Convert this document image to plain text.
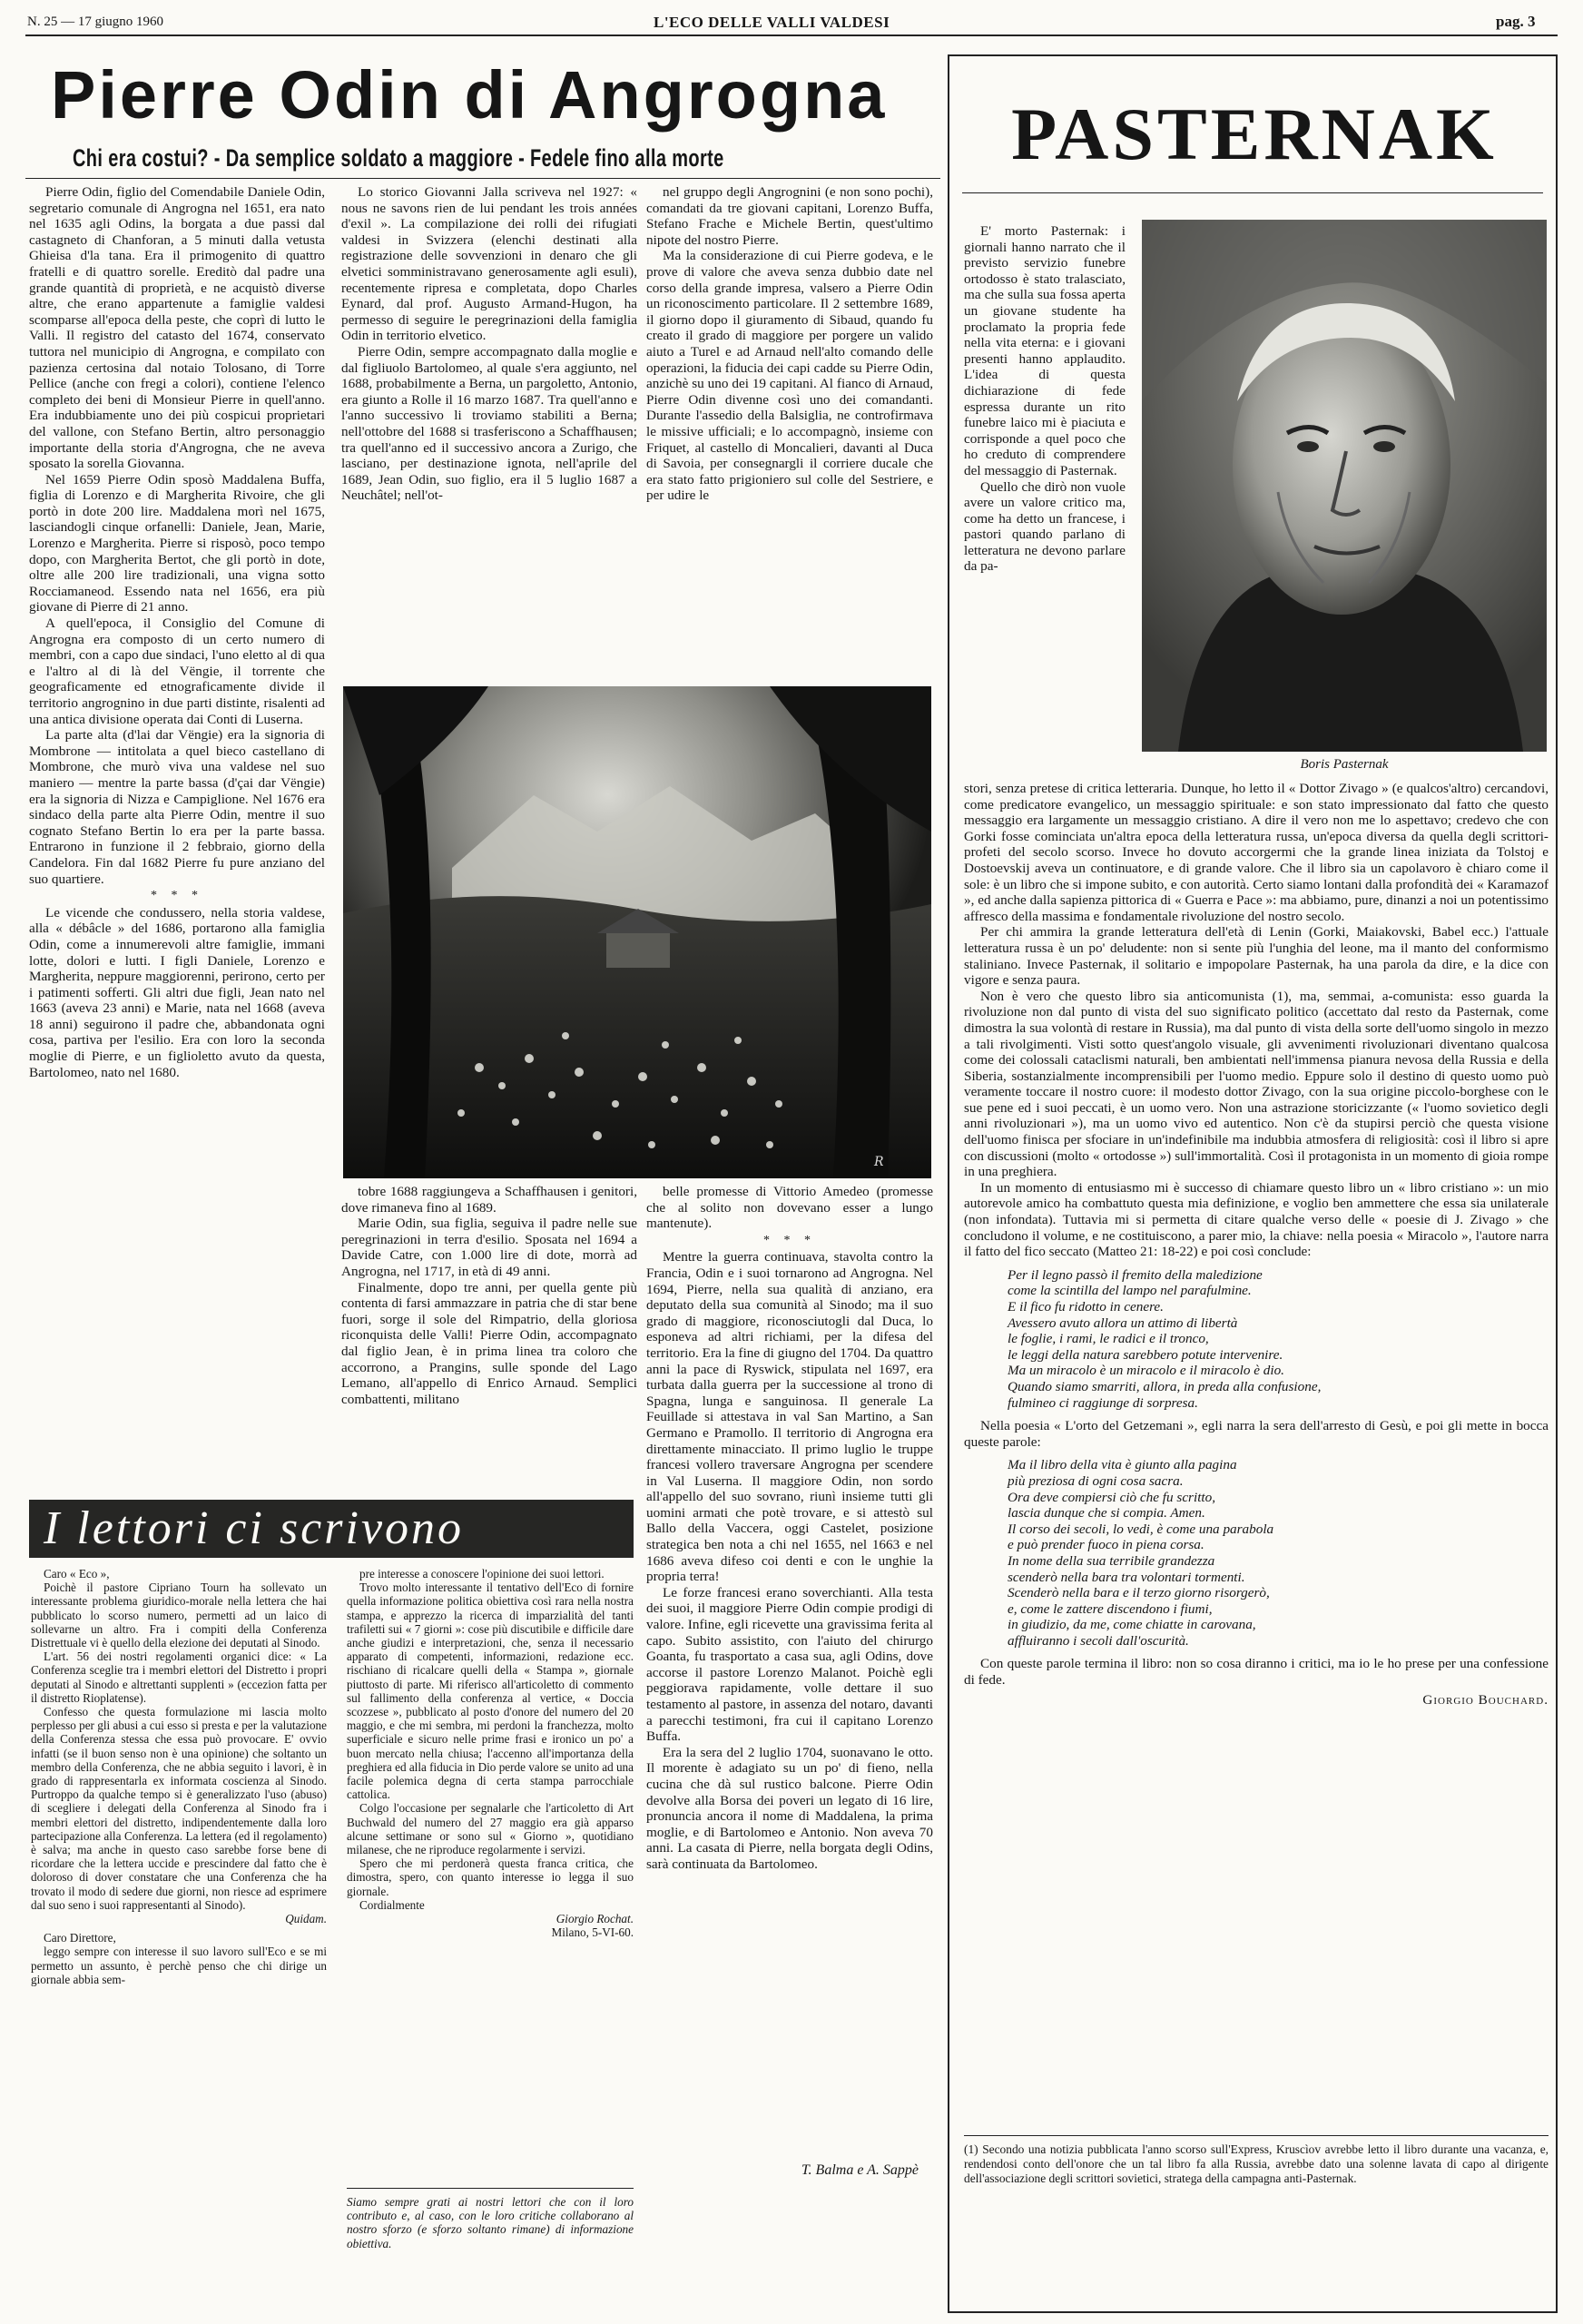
N. 25 — 17 giugno 1960	L'ECO DELLE VALLI VALDESI	pag. 3
Pierre Odin di Angrogna
Chi era costui? - Da semplice soldato a maggiore - Fedele fino alla morte

Pierre Odin, figlio del Comendabile Daniele Odin, segretario comunale di Angrogna nel 1651, era nato nel 1635 agli Odins, la borgata a due passi dal castagneto di Chanforan, a 5 minuti dalla vetusta Ghieisa d'la tana. Era il primogenito di quattro fratelli e di quattro sorelle. Ereditò dal padre una grande quantità di proprietà, e ne acquistò diverse altre, che erano appartenute a famiglie valdesi scomparse all'epoca della peste, che coprì di lutto le Valli. Il registro del catasto del 1674, conservato tuttora nel municipio di Angrogna, e compilato con pazienza certosina dal notaio Tolosano, di Torre Pellice (anche con fregi a colori), contiene l'elenco completo dei beni di Monsieur Pierre in quell'anno. Era indubbiamente uno dei più cospicui proprietari del vallone, con Stefano Bertin, altro personaggio importante della storia d'Angrogna, che ne aveva sposato la sorella Giovanna.

Nel 1659 Pierre Odin sposò Maddalena Buffa, figlia di Lorenzo e di Margherita Rivoire, che gli portò in dote 200 lire. Maddalena morì nel 1675, lasciandogli cinque orfanelli: Daniele, Jean, Marie, Lorenzo e Margherita. Pierre si risposò, poco tempo dopo, con Margherita Bertot, che gli portò in dote, oltre alle 200 lire tradizionali, una vigna sotto Rocciamaneod. Essendo nata nel 1656, era più giovane di Pierre di 21 anno.

A quell'epoca, il Consiglio del Comune di Angrogna era composto di un certo numero di membri, con a capo due sindaci, l'uno eletto al di qua e l'altro al di là del Vëngie, il torrente che geograficamente ed etnograficamente divide il territorio angrognino in due parti distinte, risalenti ad una antica divisione operata dai Conti di Luserna.

La parte alta (d'lai dar Vëngie) era la signoria di Mombrone — intitolata a quel bieco castellano di Mombrone, che murò viva una valdese nel suo maniero — mentre la parte bassa (d'çai dar Vëngie) era la signoria di Nizza e Campiglione. Nel 1676 era sindaco della parte alta Pierre Odin, mentre il suo cognato Stefano Bertin lo era per la parte bassa. Entrarono in funzione il 2 febbraio, giorno della Candelora. Fin dal 1682 Pierre fu pure anziano del suo quartiere.

* * *

Le vicende che condussero, nella storia valdese, alla « débâcle » del 1686, portarono alla famiglia Odin, come a innumerevoli altre famiglie, immani lotte, dolori e lutti. I figli Daniele, Lorenzo e Margherita, neppure maggiorenni, perirono, certo per i patimenti sofferti. Gli altri due figli, Jean nato nel 1663 (aveva 23 anni) e Marie, nata nel 1668 (aveva 18 anni) seguirono il padre che, abbandonata ogni cosa, partiva per l'esilio. Era con loro la seconda moglie di Pierre, e un figlioletto avuto da questa, Bartolomeo, nato nel 1680.

Lo storico Giovanni Jalla scriveva nel 1927: « nous ne savons rien de lui pendant les trois années d'exil ». La compilazione dei rolli dei rifugiati valdesi in Svizzera (elenchi destinati alla registrazione delle sovvenzioni in denaro che gli elvetici somministravano generosamente agli esuli), recentemente ripresa e completata, dopo Charles Eynard, dal prof. Augusto Armand-Hugon, ha permesso di seguire le peregrinazioni della famiglia Odin in territorio elvetico.

Pierre Odin, sempre accompagnato dalla moglie e dal figliuolo Bartolomeo, al quale s'era aggiunto, nel 1688, probabilmente a Berna, un pargoletto, Antonio, era giunto a Rolle il 16 marzo 1687. Tra quell'anno e l'anno successivo li troviamo stabiliti a Berna; nell'ottobre del 1688 si trasferiscono a Schaffhausen; tra quell'anno ed il successivo ancora a Zurigo, che lasciano, per destinazione ignota, nell'aprile del 1689, Jean Odin, suo figlio, era il 5 luglio 1687 a Neuchâtel; nell'ot-

nel gruppo degli Angrognini (e non sono pochi), comandati da tre giovani capitani, Lorenzo Buffa, Stefano Frache e Michele Bertin, quest'ultimo nipote del nostro Pierre.

Ma la considerazione di cui Pierre godeva, e le prove di valore che aveva senza dubbio date nel corso della grande impresa, valsero a Pierre Odin un riconoscimento particolare. Il 2 settembre 1689, il giorno dopo il giuramento di Sibaud, quando fu creato il grado di maggiore per porgere un valido aiuto a Turel e ad Arnaud nell'alto comando delle operazioni, la fiducia dei capi cadde su Pierre Odin, anzichè su uno dei 19 capitani. Al fianco di Arnaud, Pierre Odin divenne così uno dei comandanti. Durante l'assedio della Balsiglia, ne controfirmava le missive ufficiali; e lo accompagnò, insieme con Friquet, al castello di Moncalieri, davanti al Duca di Savoia, per consegnargli il corriere ducale che era stato fatto prigioniero sul colle del Sestriere, e per udire le

R

tobre 1688 raggiungeva a Schaffhausen i genitori, dove rimaneva fino al 1689.

Marie Odin, sua figlia, seguiva il padre nelle sue peregrinazioni in terra d'esilio. Sposata nel 1694 a Davide Catre, con 1.000 lire di dote, morrà ad Angrogna, nel 1717, in età di 49 anni.

Finalmente, dopo tre anni, per quella gente più contenta di farsi ammazzare in patria che di star bene fuori, sorge il sole del Rimpatrio, della gloriosa riconquista delle Valli! Pierre Odin, accompagnato dal figlio Jean, è in prima linea tra coloro che accorrono, a Prangins, sulle sponde del Lago Lemano, all'appello di Enrico Arnaud. Semplici combattenti, militano

belle promesse di Vittorio Amedeo (promesse che al solito non dovevano esser a lungo mantenute).

* * *

Mentre la guerra continuava, stavolta contro la Francia, Odin e i suoi tornarono ad Angrogna. Nel 1694, Pierre, nella sua qualità di anziano, era deputato della sua comunità al Sinodo; ma il suo grado di maggiore, riconosciutogli dal Duca, lo esponeva ad altri richiami, per la difesa del territorio. Era la fine di giugno del 1704. Da quattro anni la pace di Ryswick, stipulata nel 1697, era turbata dalla guerra per la successione al trono di Spagna, lunga e sanguinosa. Il generale La Feuillade si attestava in val San Martino, a San Germano e Pramollo. Il territorio di Angrogna era direttamente minacciato. Il primo luglio le truppe francesi vollero traversare Angrogna per scendere in Val Luserna. Il maggiore Odin, non sordo all'appello del suo sovrano, riunì insieme tutti gli uomini armati che potè trovare, e si attestò sul Ballo della Vaccera, oggi Castelet, posizione strategica ben nota a chi nel 1655, nel 1663 e nel 1686 aveva difeso coi denti e con le unghie la propria terra!

Le forze francesi erano soverchianti. Alla testa dei suoi, il maggiore Pierre Odin compie prodigi di valore. Infine, egli ricevette una gravissima ferita al capo. Subito assistito, con l'aiuto del chirurgo Goanta, fu trasportato a casa sua, agli Odins, dove accorse il pastore Lorenzo Malanot. Poichè egli peggiorava rapidamente, volle dettare il suo testamento al pastore, in assenza del notaro, davanti a parecchi testimoni, fra cui il capitano Lorenzo Buffa.

Era la sera del 2 luglio 1704, suonavano le otto. Il morente è adagiato su un po' di fieno, nella cucina che dà sul rustico balcone. Pierre Odin devolve alla Borsa dei poveri un legato di 16 lire, pronuncia ancora il nome di Maddalena, la prima moglie, e di Bartolomeo e Antonio. Non aveva 70 anni. La casata di Pierre, nella borgata degli Odins, sarà continuata da Bartolomeo.

T. Balma e A. Sappè
I lettori ci scrivono

Caro « Eco »,

Poichè il pastore Cipriano Tourn ha sollevato un interessante problema giuridico-morale nella lettera che hai pubblicato lo scorso numero, permetti ad un laico di sollevarne un altro. Fra i compiti della Conferenza Distrettuale vi è quello della elezione dei deputati al Sinodo.

L'art. 56 dei nostri regolamenti organici dice: « La Conferenza sceglie tra i membri elettori del Distretto i propri deputati al Sinodo e altrettanti supplenti » (eccezion fatta per il distretto Rioplatense).

Confesso che questa formulazione mi lascia molto perplesso per gli abusi a cui esso si presta e per la valutazione della Conferenza stessa che essa può provocare. E' ovvio infatti (se il buon senso non è una opinione) che soltanto un membro della Conferenza, che ne abbia seguito i lavori, è in grado di rappresentarla ex informata coscienza al Sinodo. Purtroppo da qualche tempo si è generalizzato l'uso (abuso) di scegliere i delegati della Conferenza al Sinodo fra i membri elettori del distretto, indipendentemente dalla loro partecipazione alla Conferenza. La lettera (ed il regolamento) è salva; ma anche in questo caso sarebbe forse bene di ricordare che la lettera uccide e prescindere dal fatto che è doloroso di dover constatare che una Conferenza che ha trovato il modo di sedere due giorni, non riesce ad esprimere dal suo seno i suoi rappresentanti al Sinodo).

Quidam.

Caro Direttore,

leggo sempre con interesse il suo lavoro sull'Eco e se mi permetto un assunto, è perchè penso che chi dirige un giornale abbia sem-

pre interesse a conoscere l'opinione dei suoi lettori.

Trovo molto interessante il tentativo dell'Eco di fornire quella informazione politica obiettiva così rara nella nostra stampa, e apprezzo la ricerca di imparzialità del tanti trafiletti sui « 7 giorni »: cose più discutibile e difficile dare anche giudizi e interpretazioni, che, senza il necessario apparato di competenti, informazioni, redazione ecc. rischiano di ricalcare quelli della « Stampa », giornale piuttosto di parte. Mi riferisco all'articoletto di commento sul fallimento della conferenza al vertice, « Doccia scozzese », pubblicato al posto d'onore del numero del 20 maggio, e che mi sembra, mi perdoni la franchezza, molto superficiale e sicuro nelle prime frasi e ironico un po' a buon mercato nella chiusa; l'accenno all'importanza della preghiera ed alla fiducia in Dio perde valore se unito ad una facile polemica degna di certa stampa parrocchiale cattolica.

Colgo l'occasione per segnalarle che l'articoletto di Art Buchwald del numero del 27 maggio era già apparso alcune settimane or sono sul « Giorno », quotidiano milanese, che ne riproduce regolarmente i servizi.

Spero che mi perdonerà questa franca critica, che dimostra, spero, con quanto interesse io legga il suo giornale.

Cordialmente
Giorgio Rochat.
Milano, 5-VI-60.
Siamo sempre grati ai nostri lettori che con il loro contributo e, al caso, con le loro critiche collaborano al nostro sforzo (e sforzo soltanto rimane) di informazione obiettiva.
PASTERNAK

E' morto Pasternak: i giornali hanno narrato che il previsto servizio funebre ortodosso è stato tralasciato, ma che sulla sua fossa aperta un giovane studente ha proclamato la propria fede nella vita eterna: e i giovani presenti hanno applaudito. L'idea di questa dichiarazione di fede espressa durante un rito funebre laico mi è piaciuta e corrisponde a quel poco che ho creduto di comprendere del messaggio di Pasternak.

Quello che dirò non vuole avere un valore critico ma, come ha detto un francese, i pastori quando parlano di letteratura ne devono parlare da pa-

Boris Pasternak

stori, senza pretese di critica letteraria. Dunque, ho letto il « Dottor Zivago » (e qualcos'altro) cercandovi, come predicatore evangelico, un messaggio spirituale: e son stato impressionato dal fatto che questo messaggio era largamente un messaggio cristiano. A dire il vero non me lo aspettavo; credevo che con Gorki fosse cominciata un'altra epoca della letteratura russa, un'epoca diversa da quella degli scrittori-profeti del secolo scorso. Invece ho dovuto accorgermi che la grande linea iniziata da Tolstoj e Dostoevskij aveva un continuatore, e di grande valore. Che il libro sia un capolavoro è chiaro come il sole: è un libro che si impone subito, e con autorità. Certo siamo lontani dalla profondità dei « Karamazof », ed anche dalla sapienza pittorica di « Guerra e Pace »: ma abbiamo, pure, dinanzi a noi un potentissimo affresco della massima e fondamentale rivoluzione del nostro secolo.

Per chi ammira la grande letteratura dell'età di Lenin (Gorki, Maiakovski, Babel ecc.) l'attuale letteratura russa è un po' deludente: non si sente più l'unghia del leone, ma il manto del conformismo staliniano. Invece Pasternak, il solitario e impopolare Pasternak, ha una parola da dire, e la dice con vigore e senza paura.

Non è vero che questo libro sia anticomunista (1), ma, semmai, a-comunista: esso guarda la rivoluzione non dal punto di vista del suo significato politico (accettato dal resto da Pasternak, come dimostra la sua volontà di restare in Russia), ma dal punto di vista della sorte dell'uomo singolo in mezzo a tali rivolgimenti. Visti sotto quest'angolo visuale, gli avvenimenti rivoluzionari diventano qualcosa come dei colossali cataclismi naturali, ben ambientati nell'immensa pianura nevosa della Russia e della Siberia, sostanzialmente incomprensibili per l'uomo medio. Eppure solo il destino di questo uomo può veramente toccare il nostro cuore: il modesto dottor Zivago, con la sua origine piccolo-borghese con le sue pene ed i suoi peccati, è un uomo vero. Non una astrazione storicizzante (« l'uomo sovietico degli anni rivoluzionari »), ma un uomo vivo ed autentico. Non c'è da stupirsi perciò che questa visione dell'uomo finisca per sfociare in un'indefinibile ma indubbia atmosfera di religiosità: così il libro si apre con discussioni (molto « ortodosse ») sull'immortalità. Così il protagonista in un momento di gioia rompe in una preghiera.

In un momento di entusiasmo mi è successo di chiamare questo libro un « libro cristiano »: un mio autorevole amico ha combattuto questa mia definizione, e voglio ben ammettere che essa sia unilaterale (non infondata). Tuttavia mi si permetta di citare qualche verso delle « poesie di J. Zivago » che concludono il volume, e ne costituiscono, a parer mio, la chiave: nella poesia « Miracolo », l'autore narra il fatto del fico seccato (Matteo 21: 18-22) e poi così conclude:

Per il legno passò il fremito della maledizione
come la scintilla del lampo nel parafulmine.
E il fico fu ridotto in cenere.
Avessero avuto allora un attimo di libertà
le foglie, i rami, le radici e il tronco,
le leggi della natura sarebbero potute intervenire.
Ma un miracolo è un miracolo e il miracolo è dio.
Quando siamo smarriti, allora, in preda alla confusione,
fulmineo ci raggiunge di sorpresa.

Nella poesia « L'orto del Getzemani », egli narra la sera dell'arresto di Gesù, e poi gli mette in bocca queste parole:

Ma il libro della vita è giunto alla pagina
più preziosa di ogni cosa sacra.
Ora deve compiersi ciò che fu scritto,
lascia dunque che si compia. Amen.
Il corso dei secoli, lo vedi, è come una parabola
e può prender fuoco in piena corsa.
In nome della sua terribile grandezza
scenderò nella bara tra volontari tormenti.
Scenderò nella bara e il terzo giorno risorgerò,
e, come le zattere discendono i fiumi,
in giudizio, da me, come chiatte in carovana,
affluiranno i secoli dall'oscurità.

Con queste parole termina il libro: non so cosa diranno i critici, ma io le ho prese per una confessione di fede.

Giorgio Bouchard.
(1) Secondo una notizia pubblicata l'anno scorso sull'Express, Kruscìov avrebbe letto il libro durante una vacanza, e, rendendosi conto dell'onore che un tal libro fa alla Russia, avrebbe dato una solenne lavata di capo al dirigente dell'associazione degli scrittori sovietici, stratega della campagna anti-Pasternak.
